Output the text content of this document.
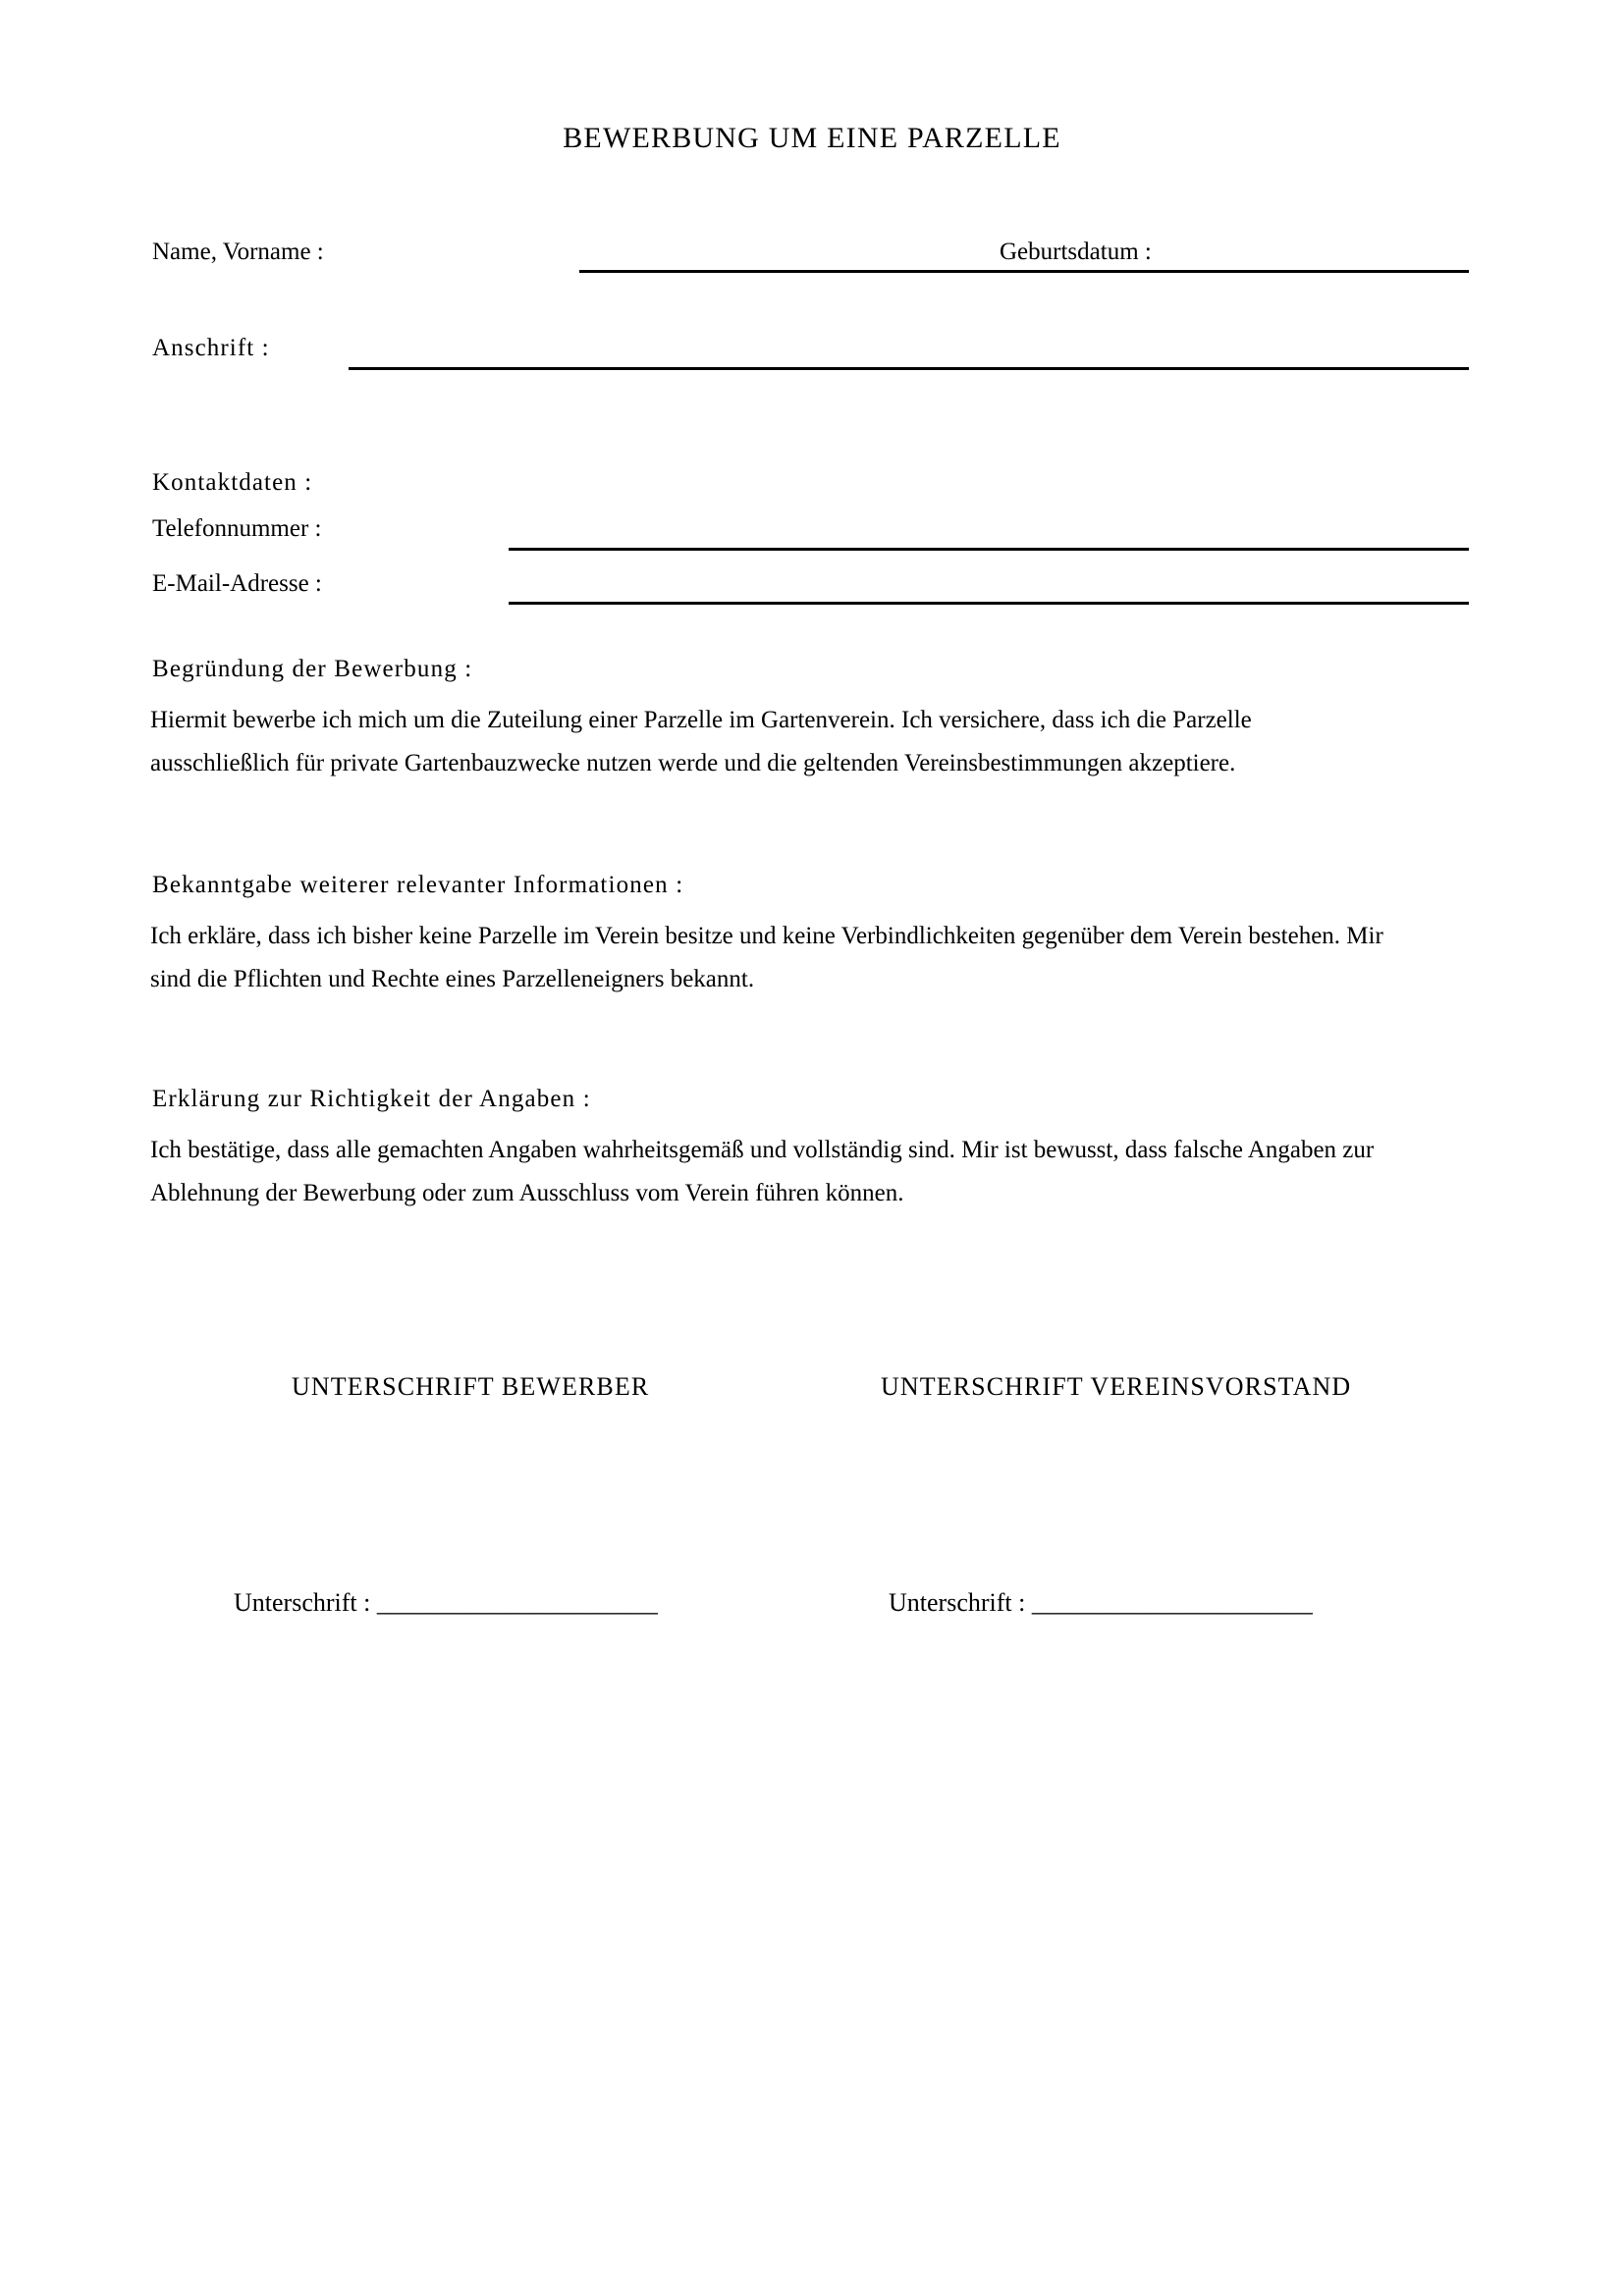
BEWERBUNG UM EINE PARZELLE
Name, Vorname :	Geburtsdatum :
Anschrift :
Kontaktdaten :
Telefonnummer :
E-Mail-Adresse :
Begründung der Bewerbung :
Hiermit bewerbe ich mich um die Zuteilung einer Parzelle im Gartenverein. Ich versichere, dass ich die Parzelle ausschließlich für private Gartenbauzwecke nutzen werde und die geltenden Vereinsbestimmungen akzeptiere.
Bekanntgabe weiterer relevanter Informationen :
Ich erkläre, dass ich bisher keine Parzelle im Verein besitze und keine Verbindlichkeiten gegenüber dem Verein bestehen. Mir sind die Pflichten und Rechte eines Parzelleneigners bekannt.
Erklärung zur Richtigkeit der Angaben :
Ich bestätige, dass alle gemachten Angaben wahrheitsgemäß und vollständig sind. Mir ist bewusst, dass falsche Angaben zur Ablehnung der Bewerbung oder zum Ausschluss vom Verein führen können.
UNTERSCHRIFT BEWERBER	UNTERSCHRIFT VEREINSVORSTAND
Unterschrift : ______________________	Unterschrift : ______________________
